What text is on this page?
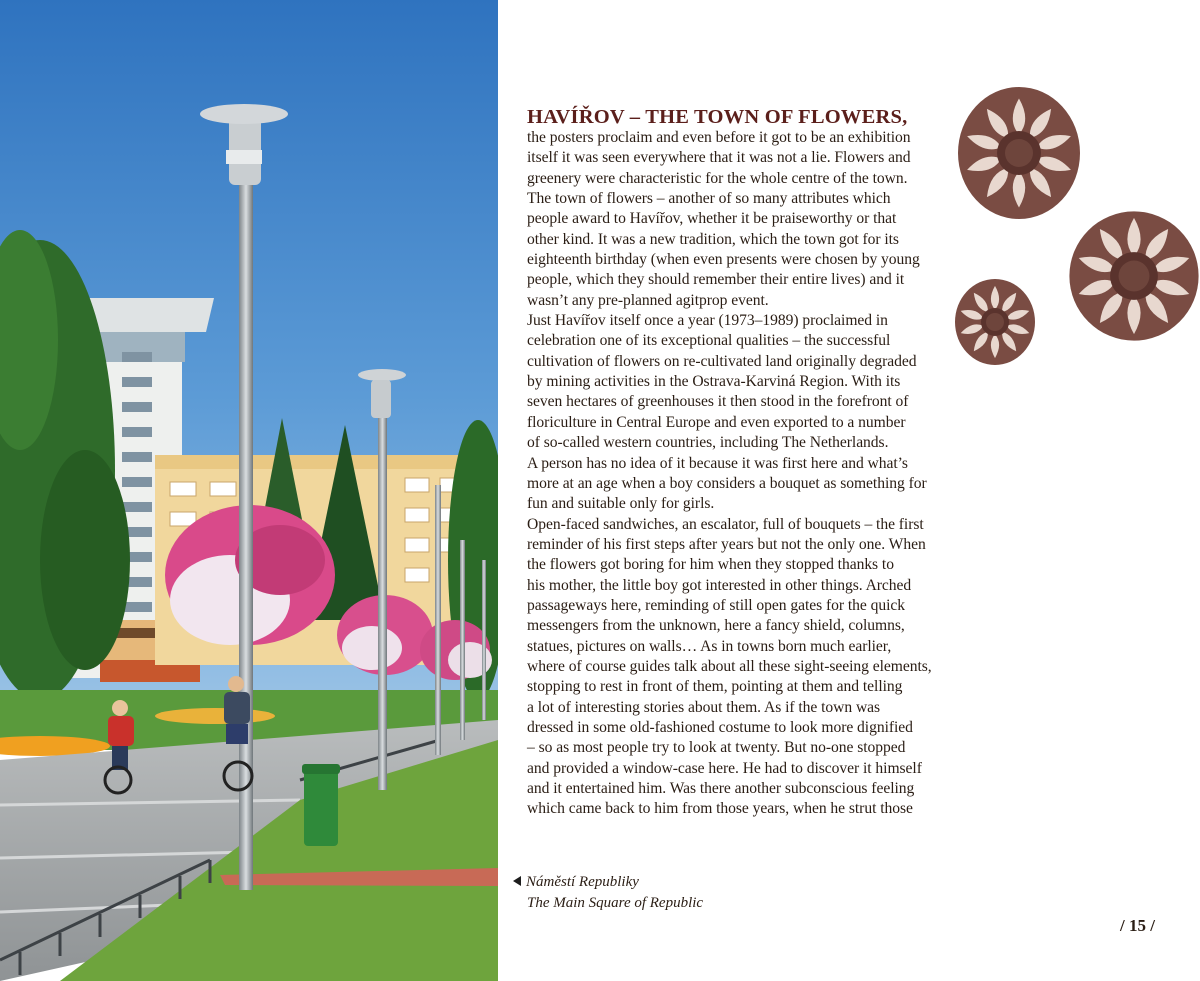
HAVÍŘOV – THE TOWN OF FLOWERS,
the posters proclaim and even before it got to be an exhibition
itself it was seen everywhere that it was not a lie. Flowers and
greenery were characteristic for the whole centre of the town.
The town of flowers – another of so many attributes which
people award to Havířov, whether it be praiseworthy or that
other kind. It was a new tradition, which the town got for its
eighteenth birthday (when even presents were chosen by young
people, which they should remember their entire lives) and it
wasn’t any pre-planned agitprop event.
Just Havířov itself once a year (1973–1989) proclaimed in
celebration one of its exceptional qualities – the successful
cultivation of flowers on re-cultivated land originally degraded
by mining activities in the Ostrava-Karviná Region. With its
seven hectares of greenhouses it then stood in the forefront of
floriculture in Central Europe and even exported to a number
of so-called western countries, including The Netherlands.
A person has no idea of it because it was first here and what’s
more at an age when a boy considers a bouquet as something for
fun and suitable only for girls.
Open-faced sandwiches, an escalator, full of bouquets – the first
reminder of his first steps after years but not the only one. When
the flowers got boring for him when they stopped thanks to
his mother, the little boy got interested in other things. Arched
passageways here, reminding of still open gates for the quick
messengers from the unknown, here a fancy shield, columns,
statues, pictures on walls… As in towns born much earlier,
where of course guides talk about all these sight-seeing elements,
stopping to rest in front of them, pointing at them and telling
a lot of interesting stories about them. As if the town was
dressed in some old-fashioned costume to look more dignified
– so as most people try to look at twenty. But no-one stopped
and provided a window-case here. He had to discover it himself
and it entertained him. Was there another subconscious feeling
which came back to him from those years, when he strut those
Náměstí Republiky
The Main Square of Republic
/ 15 /
